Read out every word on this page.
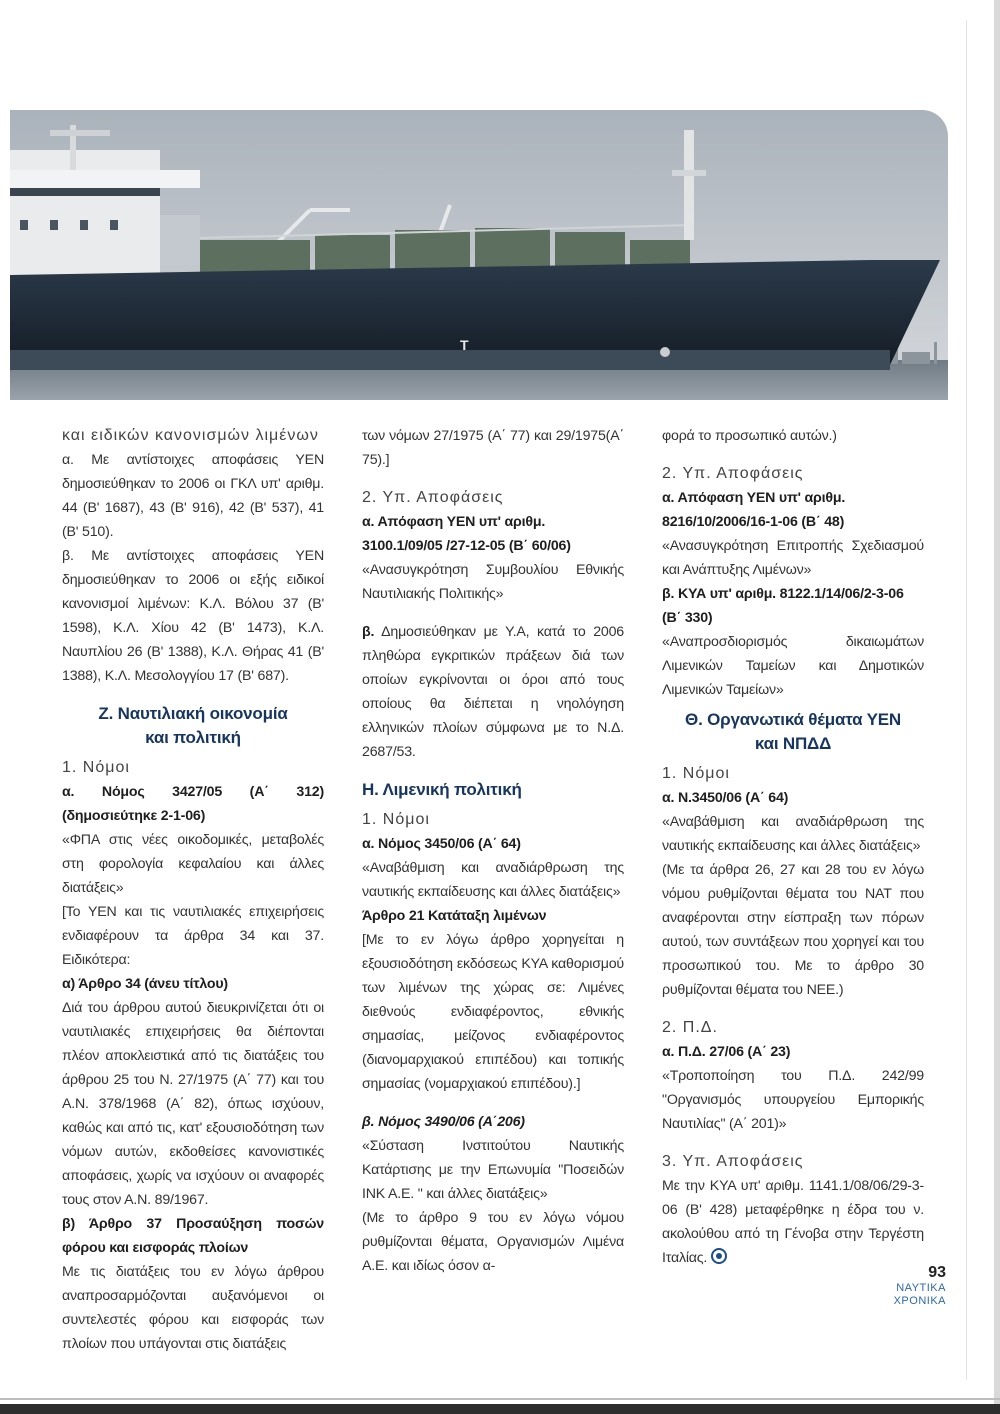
T

και ειδικών κανονισμών λιμένων

α. Με αντίστοιχες αποφάσεις ΥΕΝ δημοσιεύθηκαν το 2006 οι ΓΚΛ υπ' αριθμ. 44 (Β' 1687), 43 (Β' 916), 42 (Β' 537), 41 (Β' 510).

β. Με αντίστοιχες αποφάσεις ΥΕΝ δημοσιεύθηκαν το 2006 οι εξής ειδικοί κανονισμοί λιμένων: Κ.Λ. Βόλου 37 (Β' 1598), Κ.Λ. Χίου 42 (Β' 1473), Κ.Λ. Ναυπλίου 26 (Β' 1388), Κ.Λ. Θήρας 41 (Β' 1388), Κ.Λ. Μεσολογγίου 17 (Β' 687).

Ζ. Ναυτιλιακή οικονομία
και πολιτική

1. Νόμοι

α. Νόμος 3427/05 (Α΄ 312) (δημοσιεύτηκε 2-1-06)

«ΦΠΑ στις νέες οικοδομικές, μεταβολές στη φορολογία κεφαλαίου και άλλες διατάξεις»

[Το ΥΕΝ και τις ναυτιλιακές επιχειρήσεις ενδιαφέρουν τα άρθρα 34 και 37. Ειδικότερα:

α) Άρθρο 34 (άνευ τίτλου)

Διά του άρθρου αυτού διευκρινίζεται ότι οι ναυτιλιακές επιχειρήσεις θα διέπονται πλέον αποκλειστικά από τις διατάξεις του άρθρου 25 του Ν. 27/1975 (Α΄ 77) και του Α.Ν. 378/1968 (Α΄ 82), όπως ισχύουν, καθώς και από τις, κατ' εξουσιοδότηση των νόμων αυτών, εκδοθείσες κανονιστικές αποφάσεις, χωρίς να ισχύουν οι αναφορές τους στον Α.Ν. 89/1967.

β) Άρθρο 37 Προσαύξηση ποσών φόρου και εισφοράς πλοίων

Με τις διατάξεις του εν λόγω άρθρου αναπροσαρμόζονται αυξανόμενοι οι συντελεστές φόρου και εισφοράς των πλοίων που υπάγονται στις διατάξεις

των νόμων 27/1975 (Α΄ 77) και 29/1975(Α΄ 75).]

2. Υπ. Αποφάσεις

α. Απόφαση ΥΕΝ υπ' αριθμ. 3100.1/09/05 /27-12-05 (Β΄ 60/06)

«Ανασυγκρότηση Συμβουλίου Εθνικής Ναυτιλιακής Πολιτικής»

β. Δημοσιεύθηκαν με Υ.Α, κατά το 2006 πληθώρα εγκριτικών πράξεων διά των οποίων εγκρίνονται οι όροι από τους οποίους θα διέπεται η νηολόγηση ελληνικών πλοίων σύμφωνα με το Ν.Δ. 2687/53.

Η. Λιμενική πολιτική

1. Νόμοι

α. Νόμος 3450/06 (Α΄ 64)

«Αναβάθμιση και αναδιάρθρωση της ναυτικής εκπαίδευσης και άλλες διατάξεις»

Άρθρο 21 Κατάταξη λιμένων

[Με το εν λόγω άρθρο χορηγείται η εξουσιοδότηση εκδόσεως ΚΥΑ καθορισμού των λιμένων της χώρας σε: Λιμένες διεθνούς ενδιαφέροντος, εθνικής σημασίας, μείζονος ενδιαφέροντος (διανομαρχιακού επιπέδου) και τοπικής σημασίας (νομαρχιακού επιπέδου).]

β. Νόμος 3490/06 (Α΄206)

«Σύσταση Ινστιτούτου Ναυτικής Κατάρτισης με την Επωνυμία "Ποσειδών ΙΝΚ Α.Ε. " και άλλες διατάξεις»

(Με το άρθρο 9 του εν λόγω νόμου ρυθμίζονται θέματα, Οργανισμών Λιμένα Α.Ε. και ιδίως όσον α-

φορά το προσωπικό αυτών.)

2. Υπ. Αποφάσεις

α. Απόφαση ΥΕΝ υπ' αριθμ. 8216/10/2006/16-1-06 (Β΄ 48)

«Ανασυγκρότηση Επιτροπής Σχεδιασμού και Ανάπτυξης Λιμένων»

β. ΚΥΑ υπ' αριθμ. 8122.1/14/06/2-3-06 (Β΄ 330)

«Αναπροσδιορισμός δικαιωμάτων Λιμενικών Ταμείων και Δημοτικών Λιμενικών Ταμείων»

Θ. Οργανωτικά θέματα ΥΕΝ
και ΝΠΔΔ

1. Νόμοι

α. Ν.3450/06 (Α΄ 64)

«Αναβάθμιση και αναδιάρθρωση της ναυτικής εκπαίδευσης και άλλες διατάξεις»

(Με τα άρθρα 26, 27 και 28 του εν λόγω νόμου ρυθμίζονται θέματα του ΝΑΤ που αναφέρονται στην είσπραξη των πόρων αυτού, των συντάξεων που χορηγεί και του προσωπικού του. Με το άρθρο 30 ρυθμίζονται θέματα του ΝΕΕ.)

2. Π.Δ.

α. Π.Δ. 27/06 (Α΄ 23)

«Τροποποίηση του Π.Δ. 242/99 "Οργανισμός υπουργείου Εμπορικής Ναυτιλίας" (Α΄ 201)»

3. Υπ. Αποφάσεις

Με την ΚΥΑ υπ' αριθμ. 1141.1/08/06/29-3-06 (Β' 428) μεταφέρθηκε η έδρα του ν. ακολούθου από τη Γένοβα στην Τεργέστη Ιταλίας.

93
ΝΑΥΤΙΚΑ
ΧΡΟΝΙΚΑ
